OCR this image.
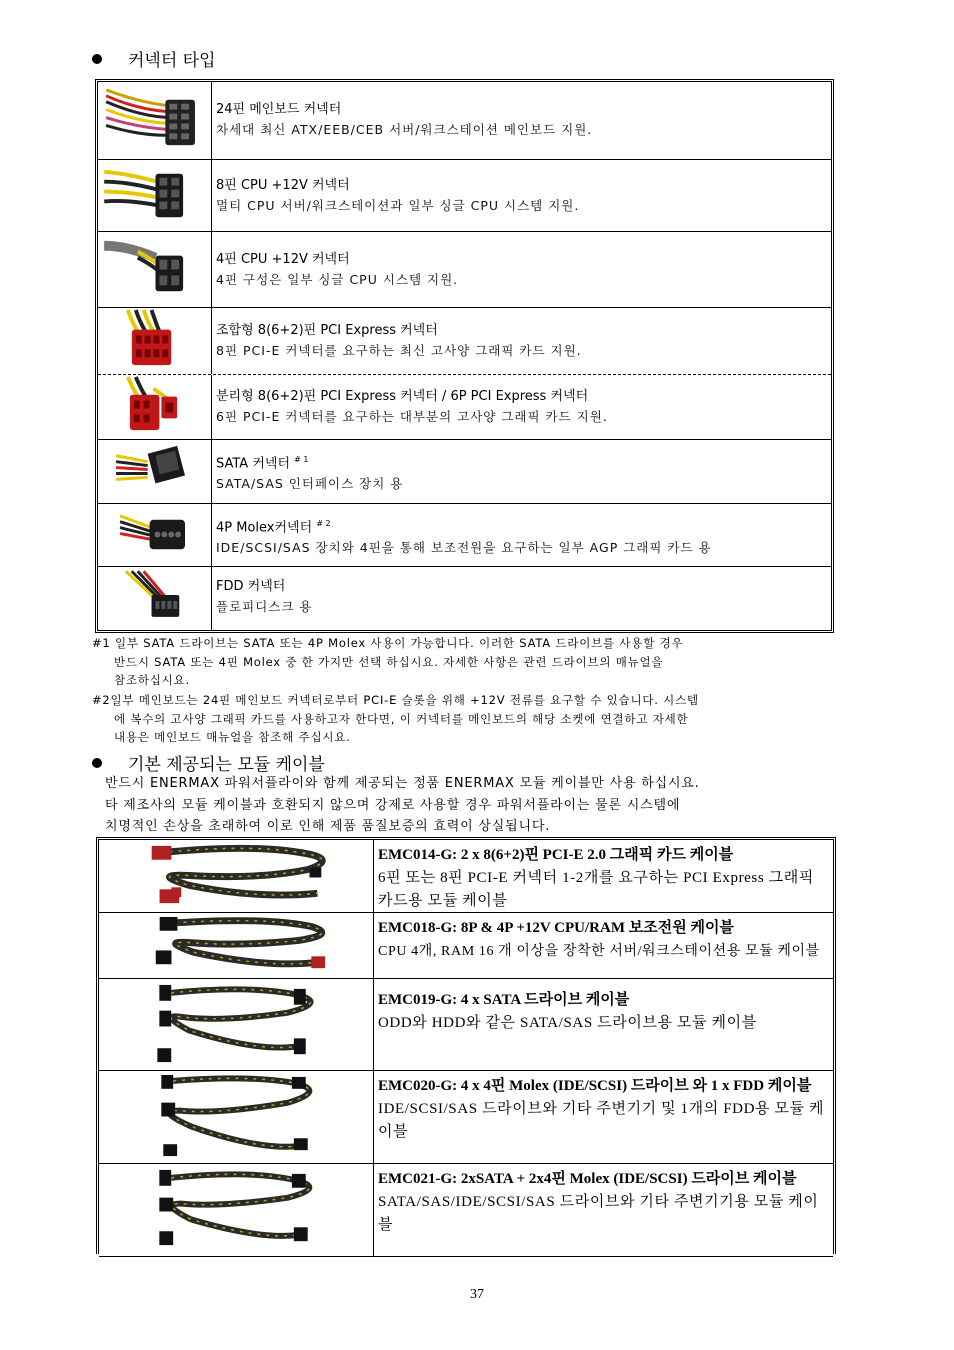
커넥터 타입
24핀 메인보드 커넥터
차세대 최신 ATX/EEB/CEB 서버/워크스테이션 메인보드 지원.
8핀 CPU +12V 커넥터
멀티 CPU 서버/워크스테이션과 일부 싱글 CPU 시스템 지원.
4핀 CPU +12V 커넥터
4핀 구성은 일부 싱글 CPU 시스템 지원.
조합형 8(6+2)핀 PCI Express 커넥터
8핀 PCI-E 커넥터를 요구하는 최신 고사양 그래픽 카드 지원.
분리형 8(6+2)핀 PCI Express 커넥터 / 6P PCI Express 커넥터
6핀 PCI-E 커넥터를 요구하는 대부분의 고사양 그래픽 카드 지원.
SATA 커넥터 $^{\# 1}$
SATA/SAS 인터페이스 장치 용
4P Molex커넥터 $^{\# 2}$
IDE/SCSI/SAS 장치와 4핀을 통해 보조전원을 요구하는 일부 AGP 그래픽 카드 용
FDD 커넥터
플로피디스크 용
#1 일부 SATA 드라이브는 SATA 또는 4P Molex 사용이 가능합니다. 이러한 SATA 드라이브를 사용할 경우
반드시 SATA 또는 4핀 Molex 중 한 가지만 선택 하십시요. 자세한 사항은 관련 드라이브의 매뉴얼을
참조하십시요.
#2일부 메인보드는 24핀 메인보드 커넥터로부터 PCI-E 슬롯을 위해 +12V 전류를 요구할 수 있습니다. 시스템
에 복수의 고사양 그래픽 카드를 사용하고자 한다면, 이 커넥터를 메인보드의 해당 소켓에 연결하고 자세한
내용은 메인보드 매뉴얼을 참조해 주십시요.
기본 제공되는 모듈 케이블
반드시 ENERMAX 파워서플라이와 함께 제공되는 정품 ENERMAX 모듈 케이블만 사용 하십시요.
타 제조사의 모듈 케이블과 호환되지 않으며 강제로 사용할 경우 파워서플라이는 물론 시스템에
치명적인 손상을 초래하여 이로 인해 제품 품질보증의 효력이 상실됩니다.
EMC014-G: 2 x 8(6+2)핀 PCI-E 2.0 그래픽 카드 케이블
6핀 또는 8핀 PCI-E 커넥터 1-2개를 요구하는 PCI Express 그래픽 카드용 모듈 케이블
EMC018-G: 8P & 4P +12V CPU/RAM 보조전원 케이블
CPU 4개, RAM 16 개 이상을 장착한 서버/워크스테이션용 모듈 케이블
EMC019-G: 4 x SATA 드라이브 케이블
ODD와 HDD와 같은 SATA/SAS 드라이브용 모듈 케이블
EMC020-G: 4 x 4핀 Molex (IDE/SCSI) 드라이브 와 1 x FDD 케이블
IDE/SCSI/SAS 드라이브와 기타 주변기기 및 1개의 FDD용 모듈 케이블
EMC021-G: 2xSATA + 2x4핀 Molex (IDE/SCSI) 드라이브 케이블
SATA/SAS/IDE/SCSI/SAS 드라이브와 기타 주변기기용 모듈 케이블
37
